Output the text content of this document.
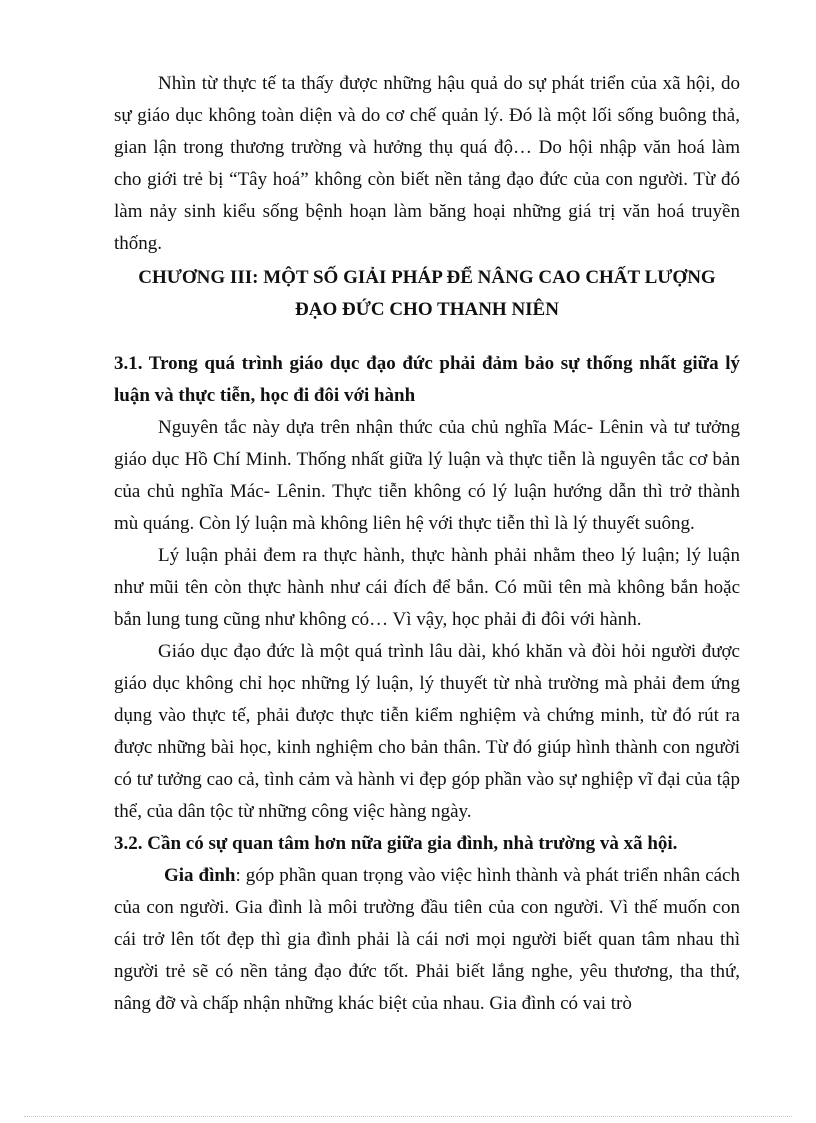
Nhìn từ thực tế ta thấy được những hậu quả do sự phát triển của xã hội, do sự giáo dục không toàn diện và do cơ chế quản lý. Đó là một lối sống buông thả, gian lận trong thương trường và hưởng thụ quá độ… Do hội nhập văn hoá làm cho giới trẻ bị “Tây hoá” không còn biết nền tảng đạo đức của con người. Từ đó làm nảy sinh kiểu sống bệnh hoạn làm băng hoại những giá trị văn hoá truyền thống.

CHƯƠNG III: MỘT SỐ GIẢI PHÁP ĐỂ NÂNG CAO CHẤT LƯỢNG

ĐẠO ĐỨC CHO THANH NIÊN

3.1. Trong quá trình giáo dục đạo đức phải đảm bảo sự thống nhất giữa lý luận và thực tiễn, học đi đôi với hành

Nguyên tắc này dựa trên nhận thức của chủ nghĩa Mác- Lênin và tư tưởng giáo dục Hồ Chí Minh. Thống nhất giữa lý luận và thực tiễn là nguyên tắc cơ bản của chủ nghĩa Mác- Lênin. Thực tiễn không có lý luận hướng dẫn thì trở thành mù quáng. Còn lý luận mà không liên hệ với thực tiễn thì là lý thuyết suông.

Lý luận phải đem ra thực hành, thực hành phải nhằm theo lý luận; lý luận như mũi tên còn thực hành như cái đích để bắn. Có mũi tên mà không bắn hoặc bắn lung tung cũng như không có… Vì vậy, học phải đi đôi với hành.

Giáo dục đạo đức là một quá trình lâu dài, khó khăn và đòi hỏi người được giáo dục không chỉ học những lý luận, lý thuyết từ nhà trường mà phải đem ứng dụng vào thực tế, phải được thực tiễn kiểm nghiệm và chứng minh, từ đó rút ra được những bài học, kinh nghiệm cho bản thân. Từ đó giúp hình thành con người có tư tưởng cao cả, tình cảm và hành vi đẹp góp phần vào sự nghiệp vĩ đại của tập thể, của dân tộc từ những công việc hàng ngày.

3.2. Cần có sự quan tâm hơn nữa giữa gia đình, nhà trường và xã hội.

Gia đình: góp phần quan trọng vào việc hình thành và phát triển nhân cách của con người. Gia đình là môi trường đầu tiên của con người. Vì thế muốn con cái trở lên tốt đẹp thì gia đình phải là cái nơi mọi người biết quan tâm nhau thì người trẻ sẽ có nền tảng đạo đức tốt. Phải biết lắng nghe, yêu thương, tha thứ, nâng đỡ và chấp nhận những khác biệt của nhau. Gia đình có vai trò
